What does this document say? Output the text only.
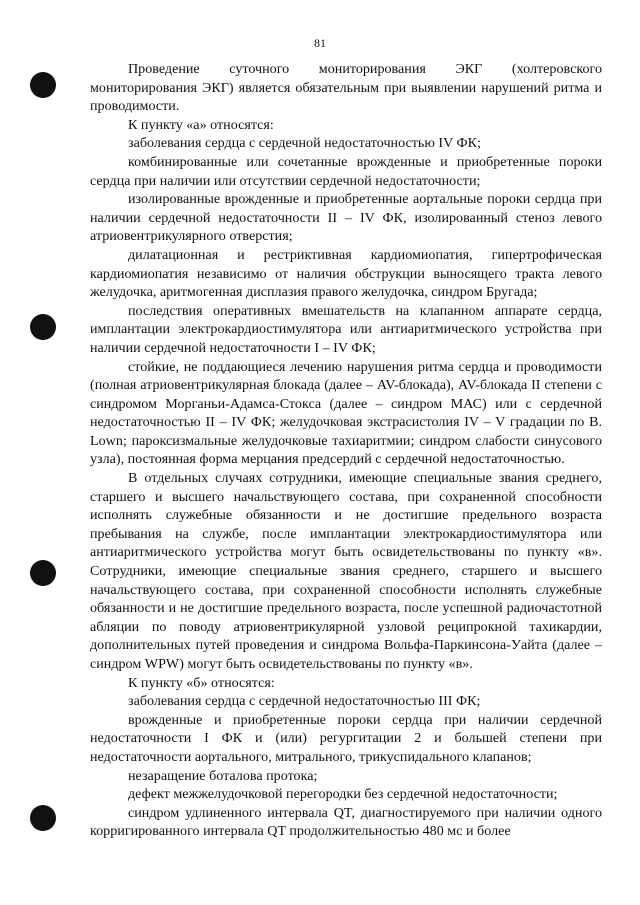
81

Проведение суточного мониторирования ЭКГ (холтеровского мониторирования ЭКГ) является обязательным при выявлении нарушений ритма и проводимости.

К пункту «а» относятся:

заболевания сердца с сердечной недостаточностью IV ФК;

комбинированные или сочетанные врожденные и приобретенные пороки сердца при наличии или отсутствии сердечной недостаточности;

изолированные врожденные и приобретенные аортальные пороки сердца при наличии сердечной недостаточности II – IV ФК, изолированный стеноз левого атриовентрикулярного отверстия;

дилатационная и рестриктивная кардиомиопатия, гипертрофическая кардиомиопатия независимо от наличия обструкции выносящего тракта левого желудочка, аритмогенная дисплазия правого желудочка, синдром Бругада;

последствия оперативных вмешательств на клапанном аппарате сердца, имплантации электрокардиостимулятора или антиаритмического устройства при наличии сердечной недостаточности I – IV ФК;

стойкие, не поддающиеся лечению нарушения ритма сердца и проводимости (полная атриовентрикулярная блокада (далее – AV-блокада), AV-блокада II степени с синдромом Морганьи-Адамса-Стокса (далее – синдром МАС) или с сердечной недостаточностью II – IV ФК; желудочковая экстрасистолия IV – V градации по B. Lown; пароксизмальные желудочковые тахиаритмии; синдром слабости синусового узла), постоянная форма мерцания предсердий с сердечной недостаточностью.

В отдельных случаях сотрудники, имеющие специальные звания среднего, старшего и высшего начальствующего состава, при сохраненной способности исполнять служебные обязанности и не достигшие предельного возраста пребывания на службе, после имплантации электрокардиостимулятора или антиаритмического устройства могут быть освидетельствованы по пункту «в». Сотрудники, имеющие специальные звания среднего, старшего и высшего начальствующего состава, при сохраненной способности исполнять служебные обязанности и не достигшие предельного возраста, после успешной радиочастотной абляции по поводу атриовентрикулярной узловой реципрокной тахикардии, дополнительных путей проведения и синдрома Вольфа-Паркинсона-Уайта (далее – синдром WPW) могут быть освидетельствованы по пункту «в».

К пункту «б» относятся:

заболевания сердца с сердечной недостаточностью III ФК;

врожденные и приобретенные пороки сердца при наличии сердечной недостаточности I ФК и (или) регургитации 2 и большей степени при недостаточности аортального, митрального, трикуспидального клапанов;

незаращение боталова протока;

дефект межжелудочковой перегородки без сердечной недостаточности;

синдром удлиненного интервала QT, диагностируемого при наличии одного корригированного интервала QT продолжительностью 480 мс и более
